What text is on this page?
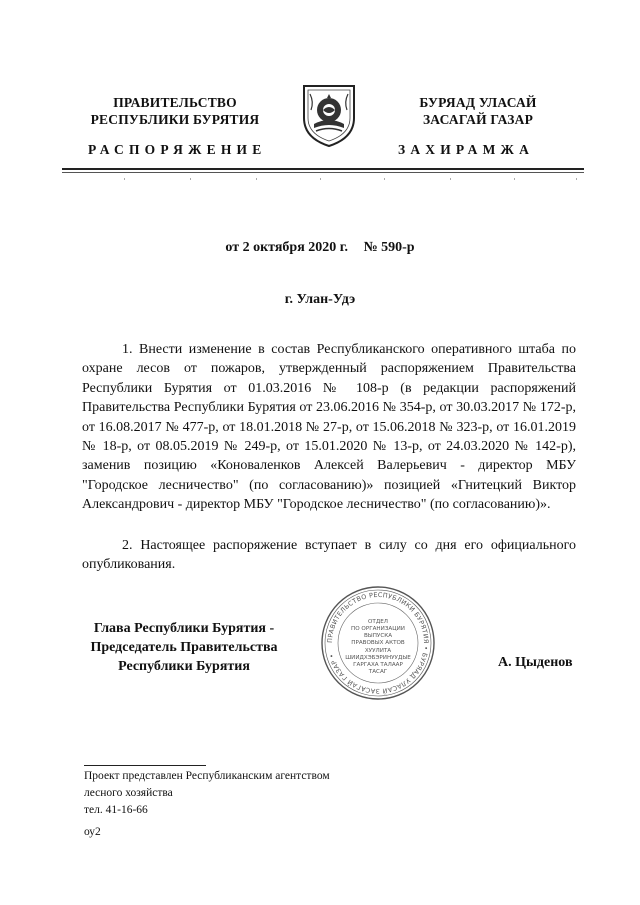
ПРАВИТЕЛЬСТВО
РЕСПУБЛИКИ БУРЯТИЯ
БУРЯАД УЛАСАЙ
ЗАСАГАЙ ГАЗАР
РАСПОРЯЖЕНИЕ	ЗАХИРАМЖА
от 2 октября 2020 г. № 590-р
г. Улан-Удэ
1. Внести изменение в состав Республиканского оперативного штаба по охране лесов от пожаров, утвержденный распоряжением Правительства Республики Бурятия от 01.03.2016 № 108-р (в редакции распоряжений Правительства Республики Бурятия от 23.06.2016 № 354-р, от 30.03.2017 № 172-р, от 16.08.2017 № 477-р, от 18.01.2018 № 27-р, от 15.06.2018 № 323-р, от 16.01.2019 № 18-р, от 08.05.2019 № 249-р, от 15.01.2020 № 13-р, от 24.03.2020 № 142-р), заменив позицию «Коноваленков Алексей Валерьевич - директор МБУ "Городское лесничество" (по согласованию)» позицией «Гнитецкий Виктор Александрович - директор МБУ "Городское лесничество" (по согласованию)».
2. Настоящее распоряжение вступает в силу со дня его официального опубликования.
Глава Республики Бурятия -
Председатель Правительства
Республики Бурятия
ПРАВИТЕЛЬСТВО РЕСПУБЛИКИ БУРЯТИЯ • БУРЯАД УЛАСАЙ ЗАСАГАЙ ГАЗАР •
ОТДЕЛ
ПО ОРГАНИЗАЦИИ
ВЫПУСКА
ПРАВОВЫХ АКТОВ
ХУУЛИТА
ШИИДХЭБЭРИНУУДЫЕ
ГАРГАХА ТАЛААР
ТАСАГ
А. Цыденов
Проект представлен Республиканским агентством
лесного хозяйства
тел. 41-16-66
оу2
